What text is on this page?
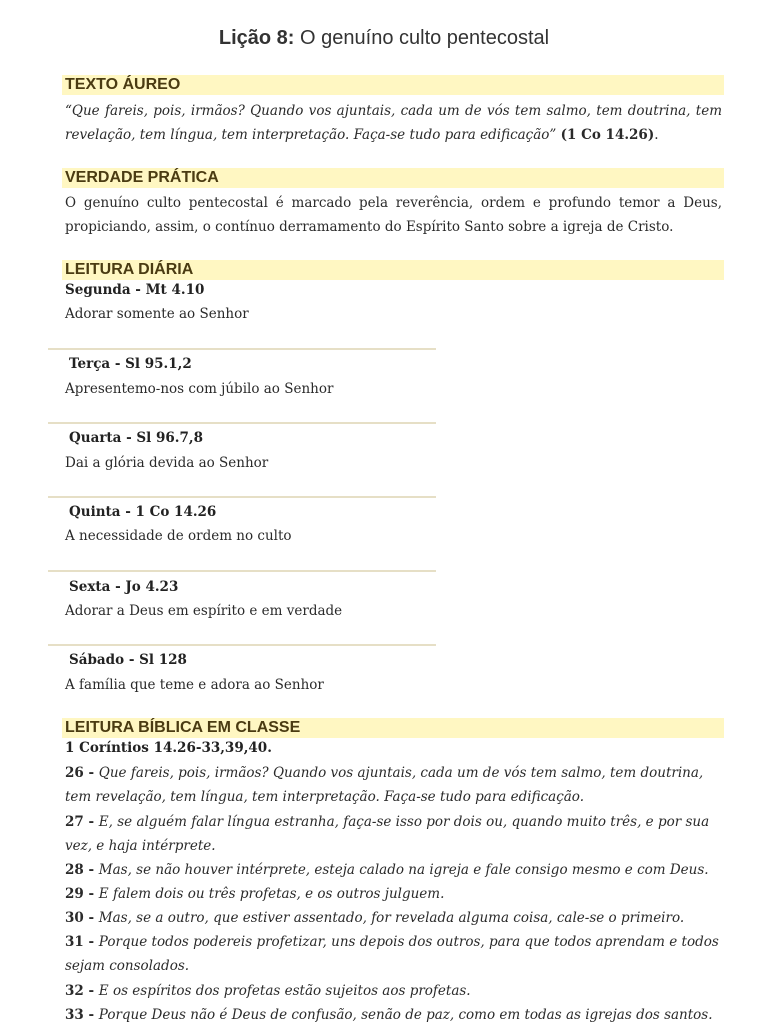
Lição 8: O genuíno culto pentecostal
TEXTO ÁUREO
“Que fareis, pois, irmãos? Quando vos ajuntais, cada um de vós tem salmo, tem doutrina, tem revelação, tem língua, tem interpretação. Faça-se tudo para edificação” (1 Co 14.26).
VERDADE PRÁTICA
O genuíno culto pentecostal é marcado pela reverência, ordem e profundo temor a Deus, propiciando, assim, o contínuo derramamento do Espírito Santo sobre a igreja de Cristo.
LEITURA DIÁRIA
Segunda - Mt 4.10
Adorar somente ao Senhor
Terça - Sl 95.1,2
Apresentemo-nos com júbilo ao Senhor
Quarta - Sl 96.7,8
Dai a glória devida ao Senhor
Quinta - 1 Co 14.26
A necessidade de ordem no culto
Sexta - Jo 4.23
Adorar a Deus em espírito e em verdade
Sábado - Sl 128
A família que teme e adora ao Senhor
LEITURA BÍBLICA EM CLASSE
1 Coríntios 14.26-33,39,40.
26 - Que fareis, pois, irmãos? Quando vos ajuntais, cada um de vós tem salmo, tem doutrina, tem revelação, tem língua, tem interpretação. Faça-se tudo para edificação.
27 - E, se alguém falar língua estranha, faça-se isso por dois ou, quando muito três, e por sua vez, e haja intérprete.
28 - Mas, se não houver intérprete, esteja calado na igreja e fale consigo mesmo e com Deus.
29 - E falem dois ou três profetas, e os outros julguem.
30 - Mas, se a outro, que estiver assentado, for revelada alguma coisa, cale-se o primeiro.
31 - Porque todos podereis profetizar, uns depois dos outros, para que todos aprendam e todos sejam consolados.
32 - E os espíritos dos profetas estão sujeitos aos profetas.
33 - Porque Deus não é Deus de confusão, senão de paz, como em todas as igrejas dos santos.
